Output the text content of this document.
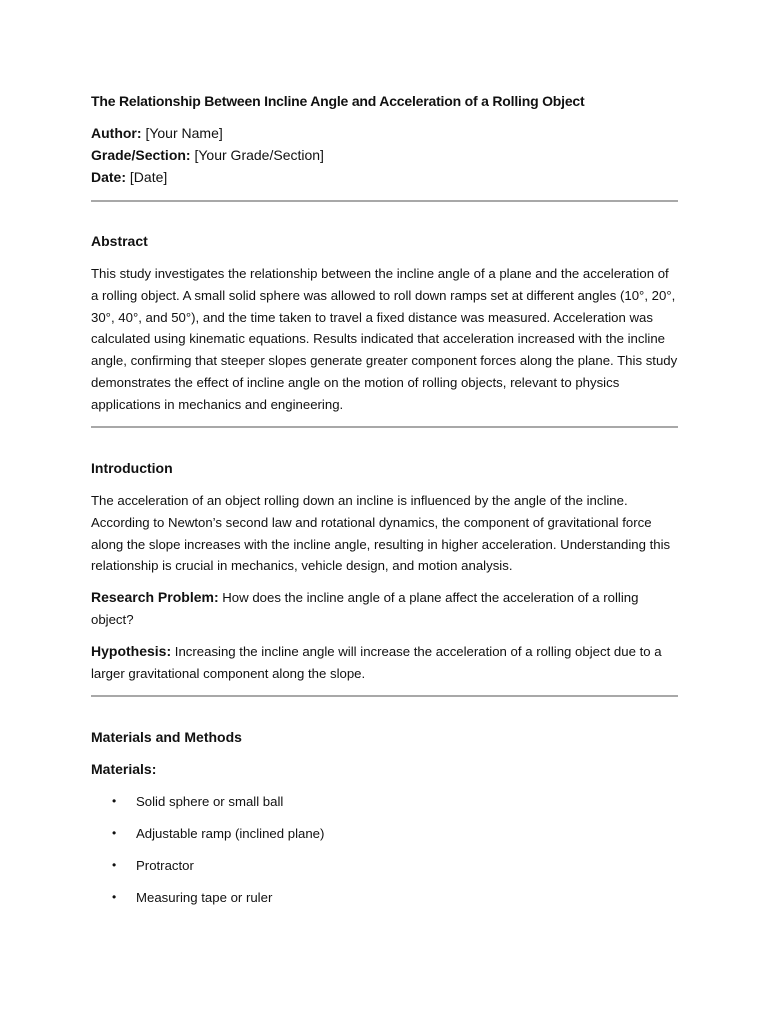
The Relationship Between Incline Angle and Acceleration of a Rolling Object
Author: [Your Name]
Grade/Section: [Your Grade/Section]
Date: [Date]
Abstract
This study investigates the relationship between the incline angle of a plane and the acceleration of a rolling object. A small solid sphere was allowed to roll down ramps set at different angles (10°, 20°, 30°, 40°, and 50°), and the time taken to travel a fixed distance was measured. Acceleration was calculated using kinematic equations. Results indicated that acceleration increased with the incline angle, confirming that steeper slopes generate greater component forces along the plane. This study demonstrates the effect of incline angle on the motion of rolling objects, relevant to physics applications in mechanics and engineering.
Introduction
The acceleration of an object rolling down an incline is influenced by the angle of the incline. According to Newton’s second law and rotational dynamics, the component of gravitational force along the slope increases with the incline angle, resulting in higher acceleration. Understanding this relationship is crucial in mechanics, vehicle design, and motion analysis.
Research Problem: How does the incline angle of a plane affect the acceleration of a rolling object?
Hypothesis: Increasing the incline angle will increase the acceleration of a rolling object due to a larger gravitational component along the slope.
Materials and Methods
Materials:
• Solid sphere or small ball
• Adjustable ramp (inclined plane)
• Protractor
• Measuring tape or ruler
